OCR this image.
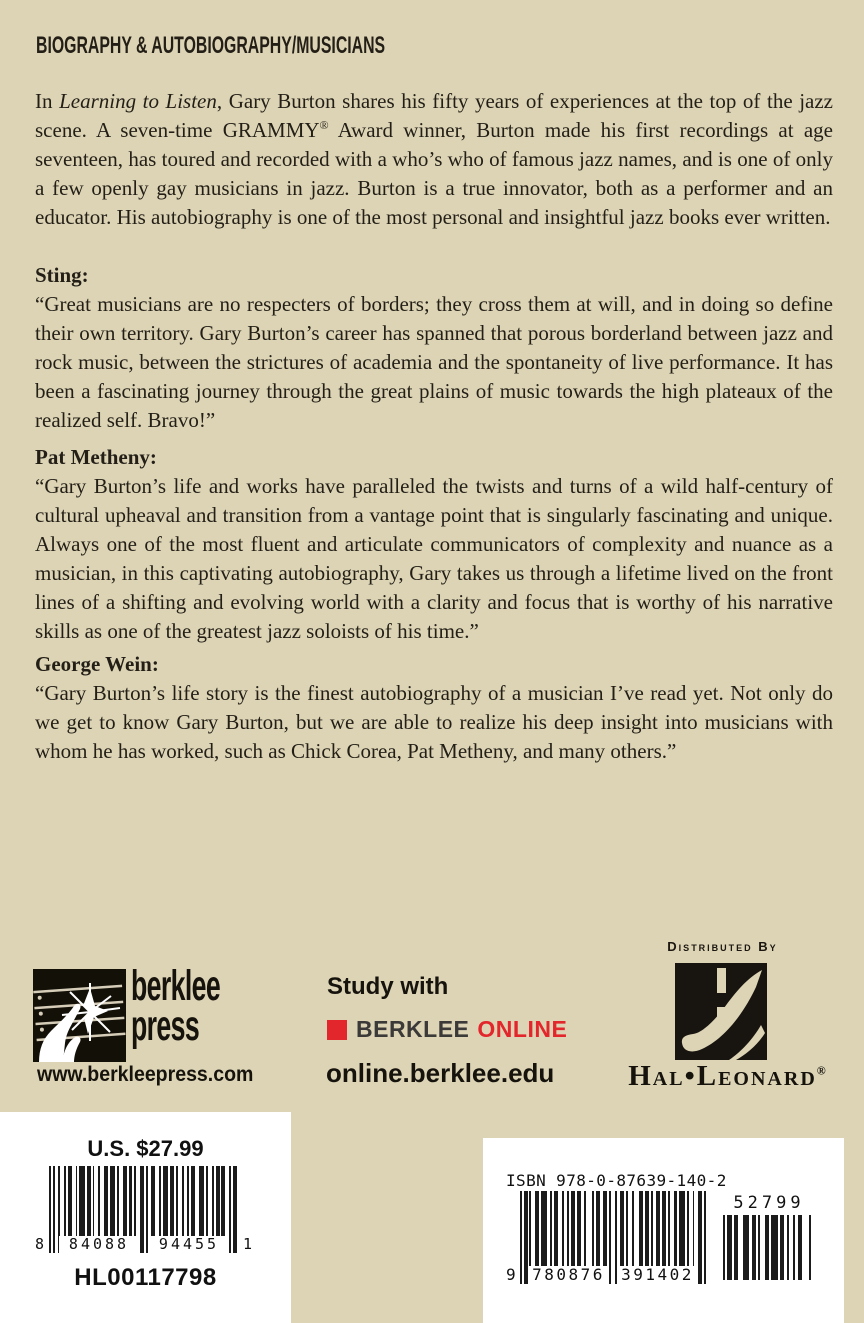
BIOGRAPHY & AUTOBIOGRAPHY/MUSICIANS

In Learning to Listen, Gary Burton shares his fifty years of experiences at the top of the jazz scene. A seven-time GRAMMY® Award winner, Burton made his first recordings at age seventeen, has toured and recorded with a who’s who of famous jazz names, and is one of only a few openly gay musicians in jazz. Burton is a true innovator, both as a performer and an educator. His autobiography is one of the most personal and insightful jazz books ever written.

Sting:

“Great musicians are no respecters of borders; they cross them at will, and in doing so define their own territory. Gary Burton’s career has spanned that porous borderland between jazz and rock music, between the strictures of academia and the spontaneity of live performance. It has been a fascinating journey through the great plains of music towards the high plateaux of the realized self. Bravo!”

Pat Metheny:

“Gary Burton’s life and works have paralleled the twists and turns of a wild half-century of cultural upheaval and transition from a vantage point that is singularly fascinating and unique. Always one of the most fluent and articulate communicators of complexity and nuance as a musician, in this captivating autobiography, Gary takes us through a lifetime lived on the front lines of a shifting and evolving world with a clarity and focus that is worthy of his narrative skills as one of the greatest jazz soloists of his time.”

George Wein:

“Gary Burton’s life story is the finest autobiography of a musician I’ve read yet. Not only do we get to know Gary Burton, but we are able to realize his deep insight into musicians with whom he has worked, such as Chick Corea, Pat Metheny, and many others.”

berklee
press
www.berkleepress.com
Study with
BERKLEE ONLINE
online.berklee.edu
Distributed By
Hal•Leonard®
U.S. $27.99
8	84088	94455	1
HL00117798
ISBN 978-0-87639-140-2
9 780876 391402
52799
